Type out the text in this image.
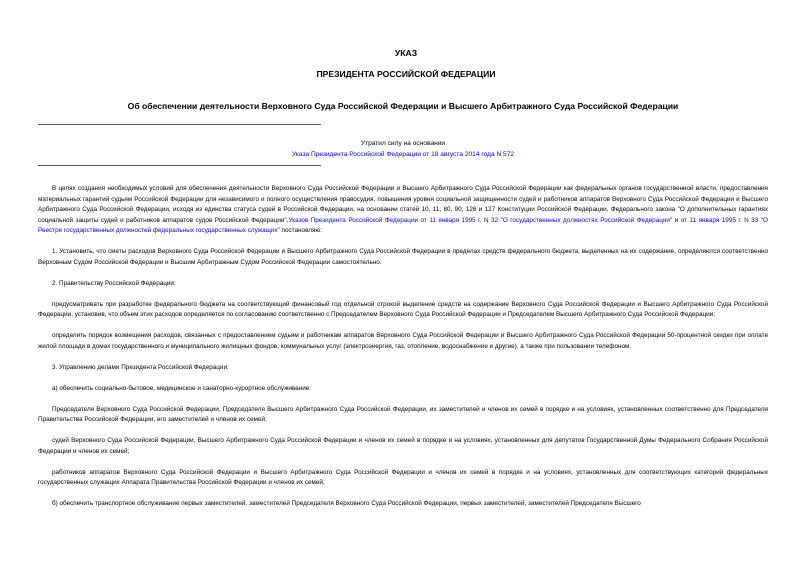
УКАЗ
ПРЕЗИДЕНТА РОССИЙСКОЙ ФЕДЕРАЦИИ
Об обеспечении деятельности Верховного Суда Российской Федерации и Высшего Арбитражного Суда Российской Федерации
Утратил силу на основании
Указа Президента Российской Федерации от 18 августа 2014 года N 572

В целях создания необходимых условий для обеспечения деятельности Верховного Суда Российской Федерации и Высшего Арбитражного Суда Российской Федерации как федеральных органов государственной власти, предоставления материальных гарантий судьям Российской Федерации для независимого и полного осуществления правосудия, повышения уровня социальной защищенности судей и работников аппаратов Верховного Суда Российской Федерации и Высшего Арбитражного Суда Российской Федерации, исходя из единства статуса судей в Российской Федерации, на основании статей 10, 11, 80, 90, 126 и 127 Конституции Российской Федерации, Федерального закона "О дополнительных гарантиях социальной защиты судей и работников аппаратов судов Российской Федерации",Указов Президента Российской Федерации от 11 января 1995 г. N 32 "О государственных должностях Российской Федерации" и от 11 января 1995 г. N 33 "О Реестре государственных должностей федеральных государственных служащих" постановляю:

1. Установить, что сметы расходов Верховного Суда Российской Федерации и Высшего Арбитражного Суда Российской Федерации в пределах средств федерального бюджета, выделенных на их содержание, определяются соответственно Верховным Судом Российской Федерации и Высшим Арбитражным Судом Российской Федерации самостоятельно.

2. Правительству Российской Федерации:

предусматривать при разработке федерального бюджета на соответствующий финансовый год отдельной строкой выделение средств на содержание Верховного Суда Российской Федерации и Высшего Арбитражного Суда Российской Федерации, установив, что объем этих расходов определяется по согласованию соответственно с Председателем Верховного Суда Российской Федерации и Председателем Высшего Арбитражного Суда Российской Федерации;

определить порядок возмещения расходов, связанных с предоставлением судьям и работникам аппаратов Верховного Суда Российской Федерации и Высшего Арбитражного Суда Российской Федерации 50-процентной скидки при оплате жилой площади в домах государственного и муниципального жилищных фондов, коммунальных услуг (электроэнергия, газ, отопление, водоснабжение и другие), а также при пользовании телефоном.

3. Управлению делами Президента Российской Федерации:

а) обеспечить социально-бытовое, медицинское и санаторно-курортное обслуживание:

Председателя Верховного Суда Российской Федерации, Председателя Высшего Арбитражного Суда Российской Федерации, их заместителей и членов их семей в порядке и на условиях, установленных соответственно для Председателя Правительства Российской Федерации, его заместителей и членов их семей;

судей Верховного Суда Российской Федерации, Высшего Арбитражного Суда Российской Федерации и членов их семей в порядке и на условиях, установленных для депутатов Государственной Думы Федерального Собрания Российской Федерации и членов их семей;

работников аппаратов Верховного Суда Российской Федерации и Высшего Арбитражного Суда Российской Федерации и членов их семей в порядке и на условиях, установленных для соответствующих категорий федеральных государственных служащих Аппарата Правительства Российской Федерации и членов их семей;

б) обеспечить транспортное обслуживание первых заместителей, заместителей Председателя Верховного Суда Российской Федерации, первых заместителей, заместителей Председателя Высшего
